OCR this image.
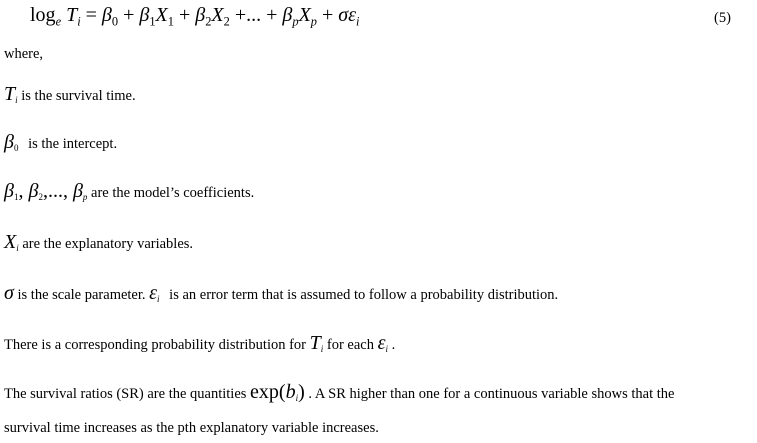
$\log_e T_i = \beta_0 + \beta_1X_1 + \beta_2X_2$ +... + $\beta_pX_p + \sigma\varepsilon_i$	(5)
where,
$T_i$ is the survival time.
$\beta_0$ is the intercept.
$\beta_1$, $\beta_2$,..., $\beta_p$ are the model’s coefficients.
$X_i$ are the explanatory variables.
σ is the scale parameter. $\varepsilon_i$ is an error term that is assumed to follow a probability distribution.
There is a corresponding probability distribution for $T_i$ for each $\varepsilon_i$ .
The survival ratios (SR) are the quantities $\exp(b_i)$ . A SR higher than one for a continuous variable shows that the
survival time increases as the pth explanatory variable increases.
